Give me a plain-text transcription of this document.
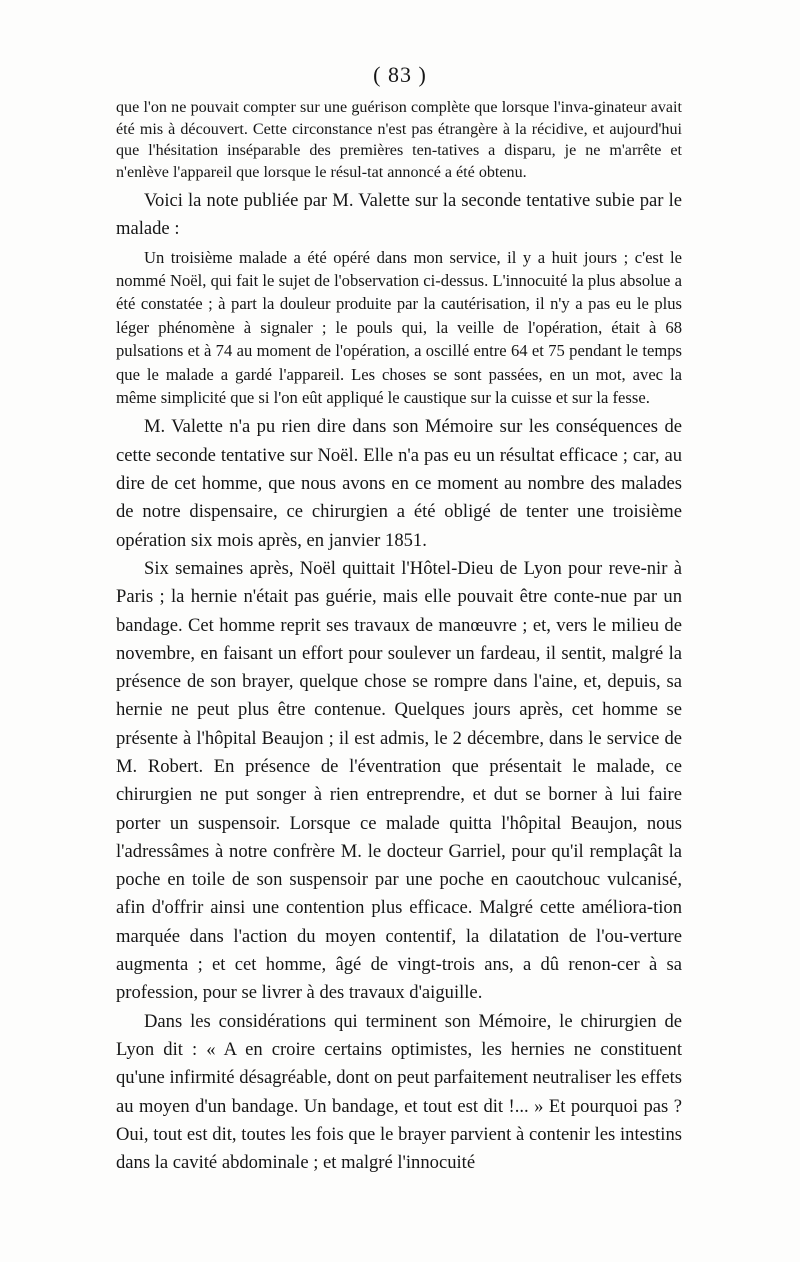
( 83 )

que l'on ne pouvait compter sur une guérison complète que lorsque l'inva-ginateur avait été mis à découvert. Cette circonstance n'est pas étrangère à la récidive, et aujourd'hui que l'hésitation inséparable des premières ten-tatives a disparu, je ne m'arrête et n'enlève l'appareil que lorsque le résul-tat annoncé a été obtenu.

Voici la note publiée par M. Valette sur la seconde tentative subie par le malade :

Un troisième malade a été opéré dans mon service, il y a huit jours ; c'est le nommé Noël, qui fait le sujet de l'observation ci-dessus. L'innocuité la plus absolue a été constatée ; à part la douleur produite par la cautérisation, il n'y a pas eu le plus léger phénomène à signaler ; le pouls qui, la veille de l'opération, était à 68 pulsations et à 74 au moment de l'opération, a oscillé entre 64 et 75 pendant le temps que le malade a gardé l'appareil. Les choses se sont passées, en un mot, avec la même simplicité que si l'on eût appliqué le caustique sur la cuisse et sur la fesse.

M. Valette n'a pu rien dire dans son Mémoire sur les conséquences de cette seconde tentative sur Noël. Elle n'a pas eu un résultat efficace ; car, au dire de cet homme, que nous avons en ce moment au nombre des malades de notre dispensaire, ce chirurgien a été obligé de tenter une troisième opération six mois après, en janvier 1851.

Six semaines après, Noël quittait l'Hôtel-Dieu de Lyon pour reve-nir à Paris ; la hernie n'était pas guérie, mais elle pouvait être conte-nue par un bandage. Cet homme reprit ses travaux de manœuvre ; et, vers le milieu de novembre, en faisant un effort pour soulever un fardeau, il sentit, malgré la présence de son brayer, quelque chose se rompre dans l'aine, et, depuis, sa hernie ne peut plus être contenue. Quelques jours après, cet homme se présente à l'hôpital Beaujon ; il est admis, le 2 décembre, dans le service de M. Robert. En présence de l'éventration que présentait le malade, ce chirurgien ne put songer à rien entreprendre, et dut se borner à lui faire porter un suspensoir. Lorsque ce malade quitta l'hôpital Beaujon, nous l'adressâmes à notre confrère M. le docteur Garriel, pour qu'il remplaçât la poche en toile de son suspensoir par une poche en caoutchouc vulcanisé, afin d'offrir ainsi une contention plus efficace. Malgré cette améliora-tion marquée dans l'action du moyen contentif, la dilatation de l'ou-verture augmenta ; et cet homme, âgé de vingt-trois ans, a dû renon-cer à sa profession, pour se livrer à des travaux d'aiguille.

Dans les considérations qui terminent son Mémoire, le chirurgien de Lyon dit : « A en croire certains optimistes, les hernies ne constituent qu'une infirmité désagréable, dont on peut parfaitement neutraliser les effets au moyen d'un bandage. Un bandage, et tout est dit !... » Et pourquoi pas ? Oui, tout est dit, toutes les fois que le brayer parvient à contenir les intestins dans la cavité abdominale ; et malgré l'innocuité
